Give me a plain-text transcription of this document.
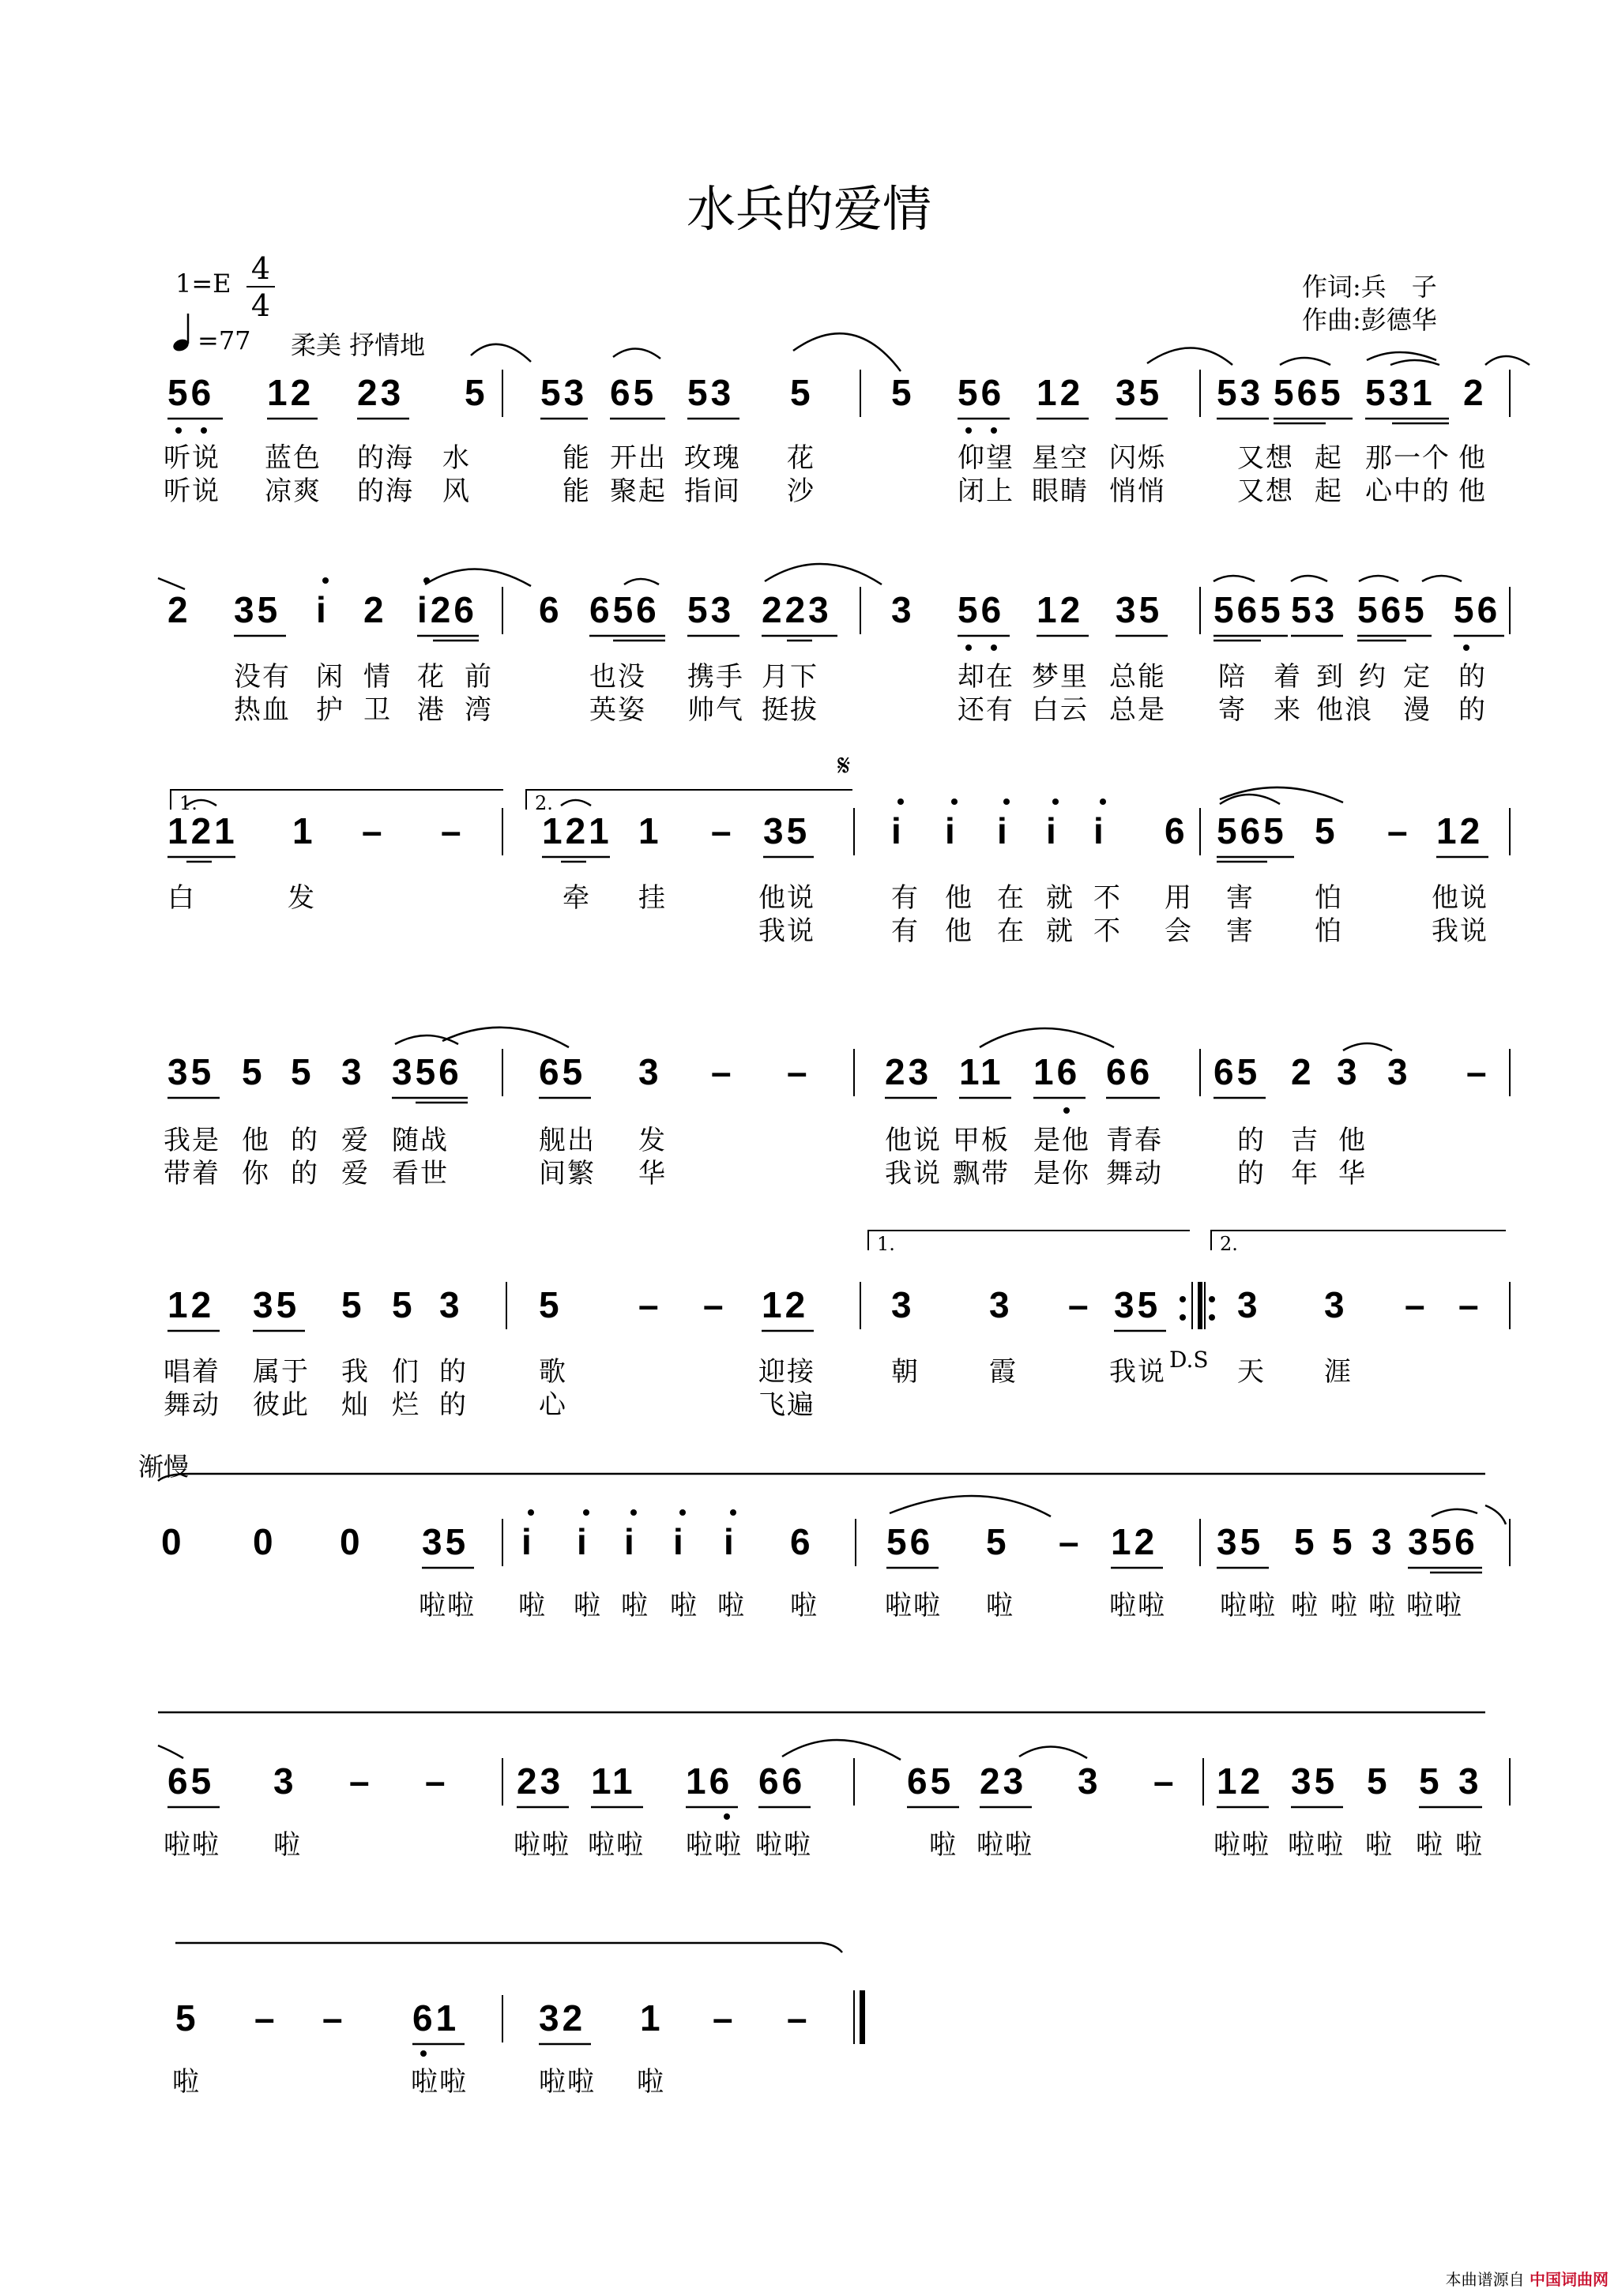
水兵的爱情
1=E 4
4
=77 柔美 抒情地
作词:兵　子
作曲:彭德华
56 12 23 5 53 65 53 5 5 56 12 35 53 565 531 2
听说 蓝色 的海 水	能 开出 玫瑰 花	仰望 星空 闪烁	又想 起 那一个 他
听说 凉爽 的海 风	能 聚起 指间 沙	闭上 眼睛 悄悄	又想 起 心中的 他
2 35 i 2 i26 6 656 53 223 3 56 12 35 565 53 565 56
没有 闲 情 花 前	也没 携手 月下	却在 梦里 总能 陪 着 到 约 定 的
热血 护 卫 港 湾	英姿 帅气 挺拔	还有 白云 总是 寄 来 他浪 漫 的
1.	2.
𝄋
121 1 – – 121 1 – 35 i i i i i 6 565 5 – 12
白	发	牵 挂	他说	有 他 在 就 不 用 害 怕	他说
我说	有 他 在 就 不 会 害 怕	我说
35 5 5 3 356 65 3 – – 23 11 16 66 65 2 3 3 –
我是 他 的 爱 随战	舰出 发	他说 甲板 是他 青春	的 吉 他
带着 你 的 爱 看世	间繁 华	我说 飘带 是你 舞动	的 年 华
1.	2.
12 35 5 5 3 5 – – 12 3 3 – 35 3 3 – –
D.S
唱着 属于 我 们 的	歌	迎接	朝	霞	我说	天 涯
舞动 彼此 灿 烂 的	心	飞遍
渐慢
0 0 0 35 i i i i i 6 56 5 – 12 35 5 5 3 356
啦啦 啦 啦 啦 啦 啦 啦 啦啦 啦	啦啦 啦啦 啦 啦 啦 啦啦
65 3 – – 23 11 16 66	65 23 3 – 12 35 5 5 3
啦啦 啦	啦啦 啦啦 啦啦 啦啦	啦 啦啦	啦啦 啦啦 啦 啦 啦
5 – – 61 32 1 – –
啦	啦啦	啦啦 啦
本曲谱源自 中国词曲网
